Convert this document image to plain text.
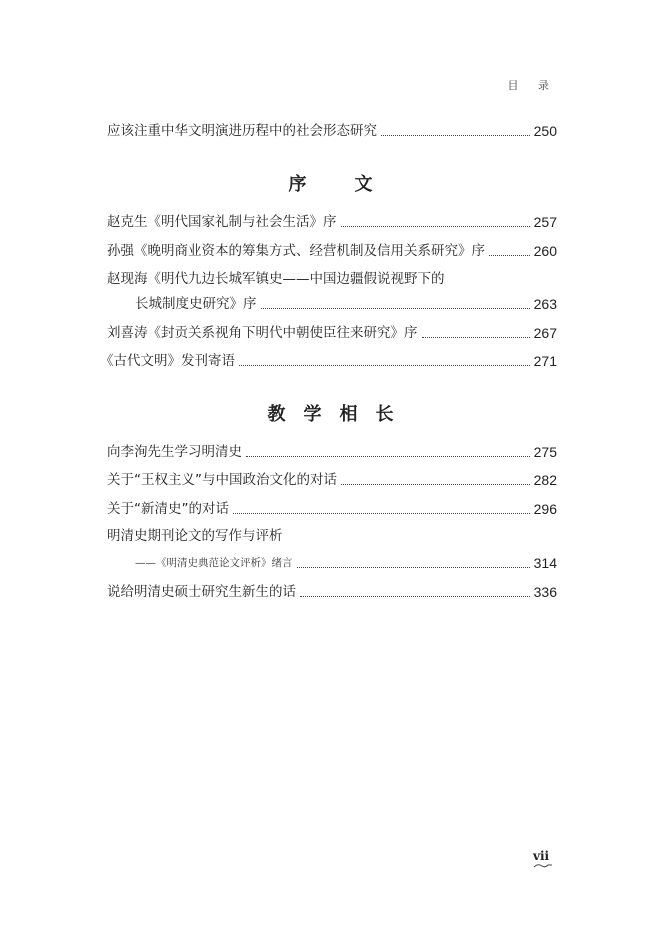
目 录
应该注重中华文明演进历程中的社会形态研究	250
序	文
赵克生《明代国家礼制与社会生活》序	257
孙强《晚明商业资本的筹集方式、经营机制及信用关系研究》序	260
赵现海《明代九边长城军镇史——中国边疆假说视野下的
长城制度史研究》序	263
刘喜涛《封贡关系视角下明代中朝使臣往来研究》序	267
《古代文明》发刊寄语	271
教学相长
向李洵先生学习明清史	275
关于“王权主义”与中国政治文化的对话	282
关于“新清史”的对话	296
明清史期刊论文的写作与评析
——《明清史典范论文评析》绪言	314
说给明清史硕士研究生新生的话	336
vii
